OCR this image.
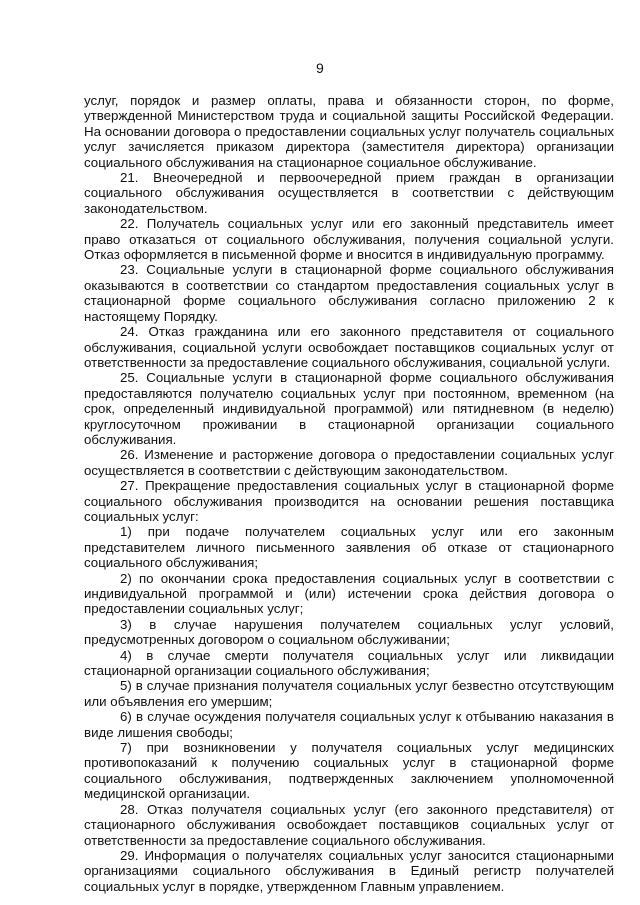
9

услуг, порядок и размер оплаты, права и обязанности сторон, по форме, утвержденной Министерством труда и социальной защиты Российской Федерации. На основании договора о предоставлении социальных услуг получатель социальных услуг зачисляется приказом директора (заместителя директора) организации социального обслуживания на стационарное социальное обслуживание.

21. Внеочередной и первоочередной прием граждан в организации социального обслуживания осуществляется в соответствии с действующим законодательством.

22. Получатель социальных услуг или его законный представитель имеет право отказаться от социального обслуживания, получения социальной услуги. Отказ оформляется в письменной форме и вносится в индивидуальную программу.

23. Социальные услуги в стационарной форме социального обслуживания оказываются в соответствии со стандартом предоставления социальных услуг в стационарной форме социального обслуживания согласно приложению 2 к настоящему Порядку.

24. Отказ гражданина или его законного представителя от социального обслуживания, социальной услуги освобождает поставщиков социальных услуг от ответственности за предоставление социального обслуживания, социальной услуги.

25. Социальные услуги в стационарной форме социального обслуживания предоставляются получателю социальных услуг при постоянном, временном (на срок, определенный индивидуальной программой) или пятидневном (в неделю) круглосуточном проживании в стационарной организации социального обслуживания.

26. Изменение и расторжение договора о предоставлении социальных услуг осуществляется в соответствии с действующим законодательством.

27. Прекращение предоставления социальных услуг в стационарной форме социального обслуживания производится на основании решения поставщика социальных услуг:

1) при подаче получателем социальных услуг или его законным представителем личного письменного заявления об отказе от стационарного социального обслуживания;

2) по окончании срока предоставления социальных услуг в соответствии с индивидуальной программой и (или) истечении срока действия договора о предоставлении социальных услуг;

3) в случае нарушения получателем социальных услуг условий, предусмотренных договором о социальном обслуживании;

4) в случае смерти получателя социальных услуг или ликвидации стационарной организации социального обслуживания;

5) в случае признания получателя социальных услуг безвестно отсутствующим или объявления его умершим;

6) в случае осуждения получателя социальных услуг к отбыванию наказания в виде лишения свободы;

7) при возникновении у получателя социальных услуг медицинских противопоказаний к получению социальных услуг в стационарной форме социального обслуживания, подтвержденных заключением уполномоченной медицинской организации.

28. Отказ получателя социальных услуг (его законного представителя) от стационарного обслуживания освобождает поставщиков социальных услуг от ответственности за предоставление социального обслуживания.

29. Информация о получателях социальных услуг заносится стационарными организациями социального обслуживания в Единый регистр получателей социальных услуг в порядке, утвержденном Главным управлением.
